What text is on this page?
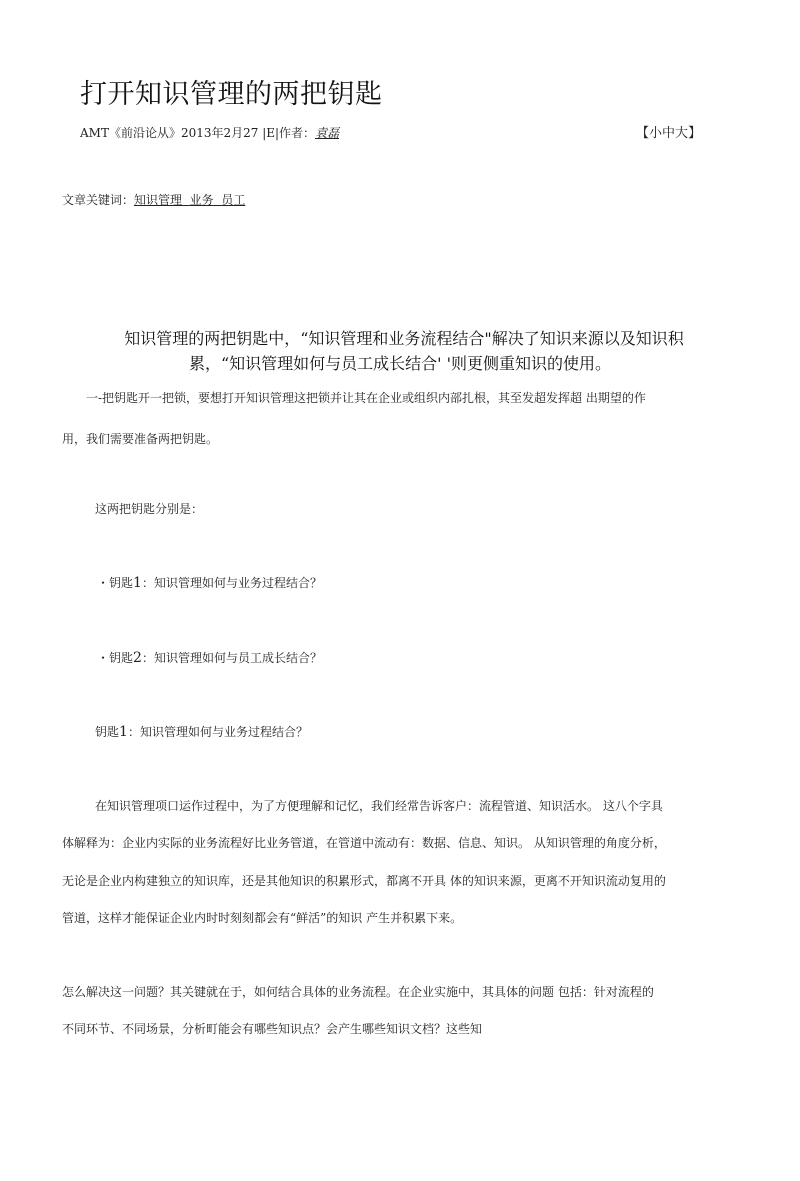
打开知识管理的两把钥匙
AMT《前沿论从》2013年2月27 |E|作者：袁磊	【小中大】
文章关键词：知识管理 业务 员工
知识管理的两把钥匙中，“知识管理和业务流程结合"解决了知识来源以及知识积
累，“知识管理如何与员工成长结合' '则更侧重知识的使用。
一-把钥匙开一把锁，要想打开知识管理这把锁并让其在企业或组织内部扎根，其至发超发挥超 出期望的作
用，我们需要准备两把钥匙。
这两把钥匙分别是：
・钥匙1：知识管理如何与业务过程结合？
・钥匙2：知识管理如何与员工成长结合？
钥匙1：知识管理如何与业务过程结合？
在知识管理项口运作过程中，为了方便理解和记忆，我们经常告诉客户：流程管道、知识活水。 这八个字具
体解释为：企业内实际的业务流程好比业务管道，在管道中流动有：数据、信息、知识。 从知识管理的角度分析，
无论是企业内构建独立的知识库，还是其他知识的积累形式，都离不开具 体的知识来源，更离不开知识流动复用的
管道，这样才能保证企业内时时刻刻都会有“鲜活”的知识 产生并积累下来。
怎么解决这一问题？其关键就在于，如何结合具体的业务流程。在企业实施中，其具体的问题 包括：针对流程的
不同环节、不同场景，分析町能会有哪些知识点？会产生哪些知识文档？这些知
